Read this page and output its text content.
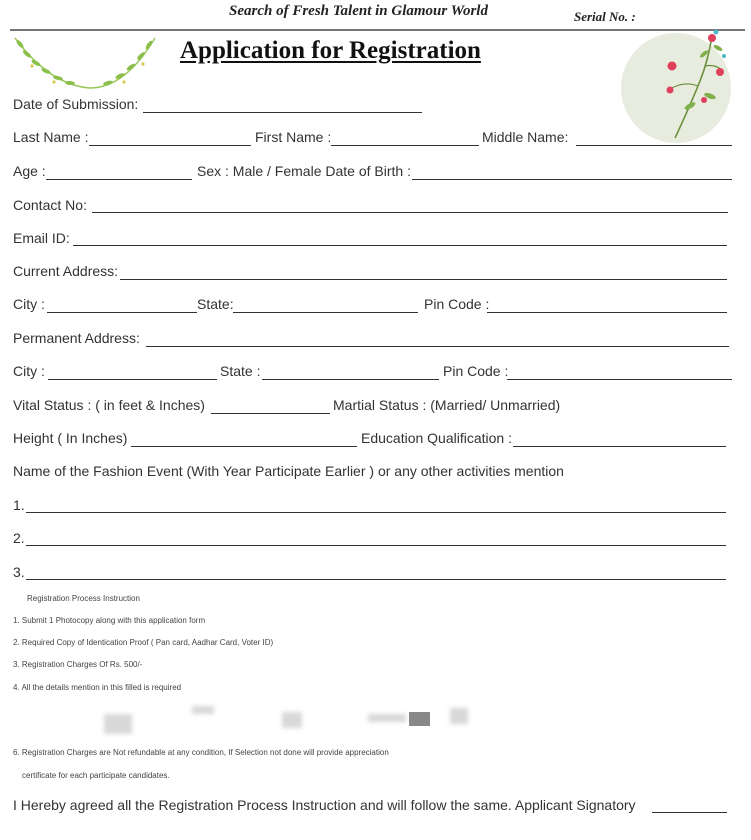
Search of Fresh Talent in Glamour World	Serial No. :
Application for Registration
Date of Submission:
Last Name :	First Name :	Middle Name:
Age :	Sex : Male / Female Date of Birth :
Contact No:
Email ID:
Current Address:
City :	State:	Pin Code :
Permanent Address:
City :	State :	Pin Code :
Vital Status : ( in feet & Inches)	Martial Status : (Married/ Unmarried)
Height ( In Inches)	Education Qualification :
Name of the Fashion Event (With Year Participate Earlier ) or any other activities mention
1.
2.
3.
Registration Process Instruction
1. Submit 1 Photocopy along with this application form
2. Required Copy of Identication Proof ( Pan card, Aadhar Card, Voter ID)
3. Registration Charges Of Rs. 500/-
4. All the details mention in this filled is required
6. Registration Charges are Not refundable at any condition, If Selection not done will provide appreciation
certificate for each participate candidates.
I Hereby agreed all the Registration Process Instruction and will follow the same. Applicant Signatory
